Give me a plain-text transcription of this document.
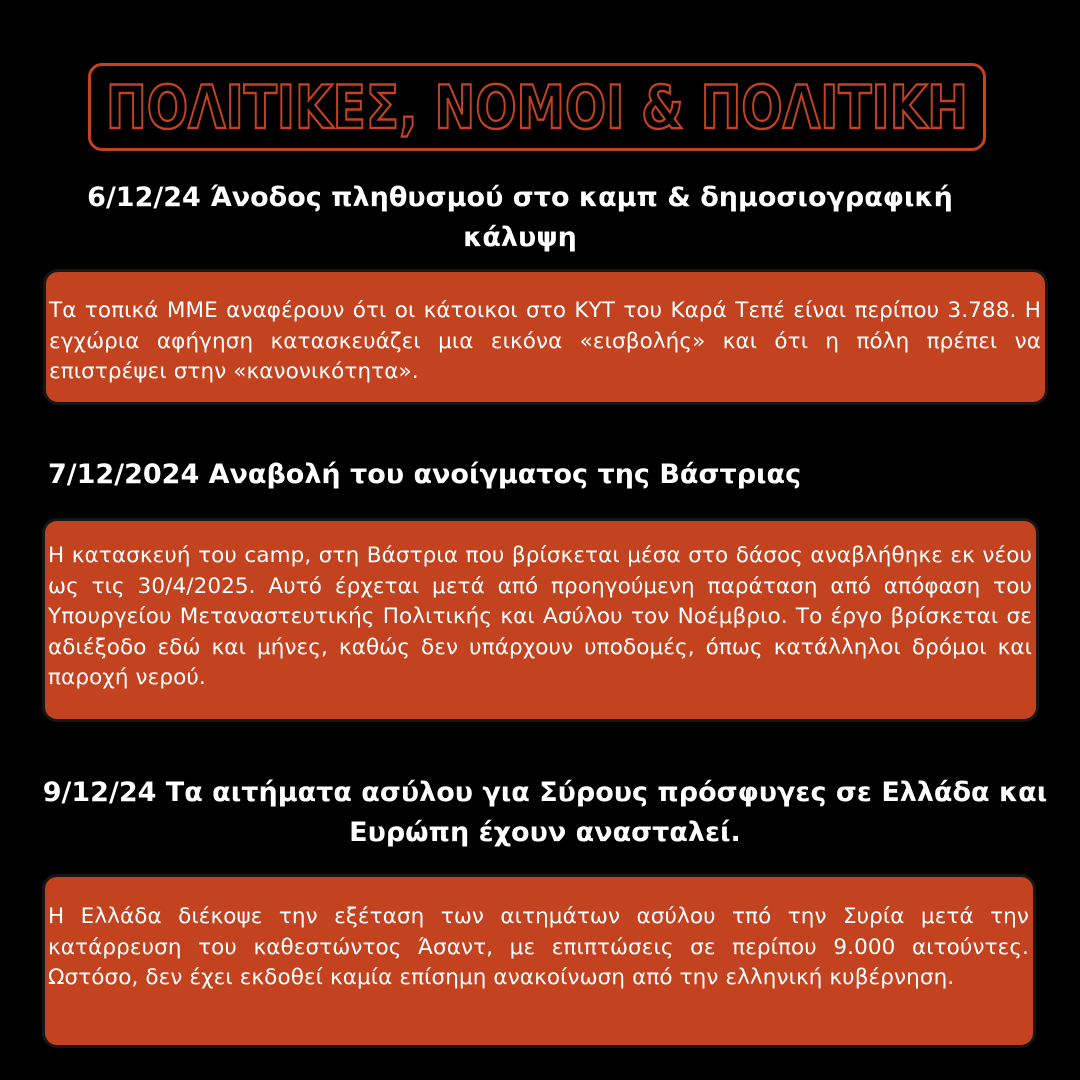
ΠΟΛΙΤΙΚΕΣ, ΝΟΜΟΙ & ΠΟΛΙΤΙΚΗ
6/12/24 Άνοδος πληθυσμού στο καμπ & δημοσιογραφική κάλυψη

Τα τοπικά ΜΜΕ αναφέρουν ότι οι κάτοικοι στο ΚΥΤ του Καρά Τεπέ είναι περίπου 3.788. Η εγχώρια αφήγηση κατασκευάζει μια εικόνα «εισβολής» και ότι η πόλη πρέπει να επιστρέψει στην «κανονικότητα».

7/12/2024 Αναβολή του ανοίγματος της Βάστριας

Η κατασκευή του camp, στη Βάστρια που βρίσκεται μέσα στο δάσος αναβλήθηκε εκ νέου ως τις 30/4/2025. Αυτό έρχεται μετά από προηγούμενη παράταση από απόφαση του Υπουργείου Μεταναστευτικής Πολιτικής και Ασύλου τον Νοέμβριο. Το έργο βρίσκεται σε αδιέξοδο εδώ και μήνες, καθώς δεν υπάρχουν υποδομές, όπως κατάλληλοι δρόμοι και παροχή νερού.

9/12/24 Τα αιτήματα ασύλου για Σύρους πρόσφυγες σε Ελλάδα και Ευρώπη έχουν ανασταλεί.

Η Ελλάδα διέκοψε την εξέταση των αιτημάτων ασύλου τπό την Συρία μετά την κατάρρευση του καθεστώντος Άσαντ, με επιπτώσεις σε περίπου 9.000 αιτούντες. Ωστόσο, δεν έχει εκδοθεί καμία επίσημη ανακοίνωση από την ελληνική κυβέρνηση.
